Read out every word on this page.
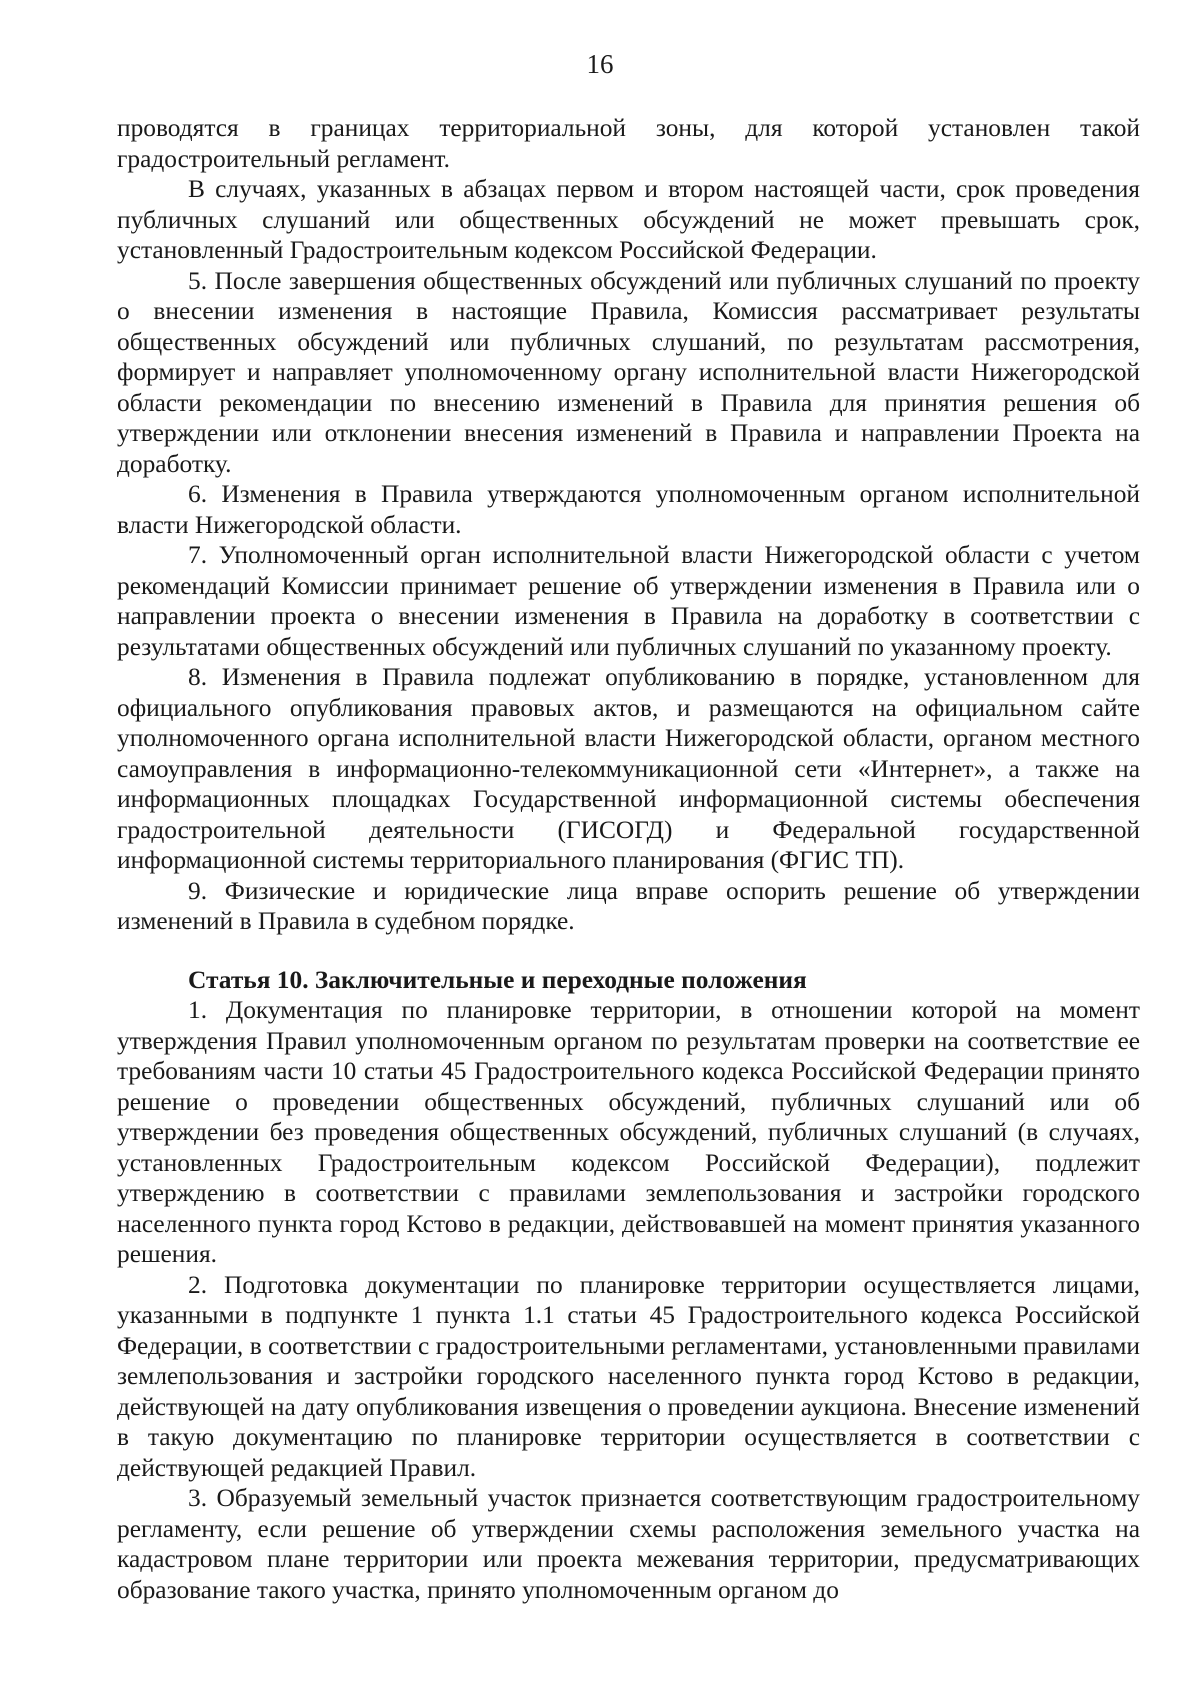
16

проводятся в границах территориальной зоны, для которой установлен такой градостроительный регламент.

В случаях, указанных в абзацах первом и втором настоящей части, срок проведения публичных слушаний или общественных обсуждений не может превышать срок, установленный Градостроительным кодексом Российской Федерации.

5. После завершения общественных обсуждений или публичных слушаний по проекту о внесении изменения в настоящие Правила, Комиссия рассматривает результаты общественных обсуждений или публичных слушаний, по результатам рассмотрения, формирует и направляет уполномоченному органу исполнительной власти Нижегородской области рекомендации по внесению изменений в Правила для принятия решения об утверждении или отклонении внесения изменений в Правила и направлении Проекта на доработку.

6. Изменения в Правила утверждаются уполномоченным органом исполнительной власти Нижегородской области.

7. Уполномоченный орган исполнительной власти Нижегородской области с учетом рекомендаций Комиссии принимает решение об утверждении изменения в Правила или о направлении проекта о внесении изменения в Правила на доработку в соответствии с результатами общественных обсуждений или публичных слушаний по указанному проекту.

8. Изменения в Правила подлежат опубликованию в порядке, установленном для официального опубликования правовых актов, и размещаются на официальном сайте уполномоченного органа исполнительной власти Нижегородской области, органом местного самоуправления в информационно-телекоммуникационной сети «Интернет», а также на информационных площадках Государственной информационной системы обеспечения градостроительной деятельности (ГИСОГД) и Федеральной государственной информационной системы территориального планирования (ФГИС ТП).

9. Физические и юридические лица вправе оспорить решение об утверждении изменений в Правила в судебном порядке.

Статья 10. Заключительные и переходные положения

1. Документация по планировке территории, в отношении которой на момент утверждения Правил уполномоченным органом по результатам проверки на соответствие ее требованиям части 10 статьи 45 Градостроительного кодекса Российской Федерации принято решение о проведении общественных обсуждений, публичных слушаний или об утверждении без проведения общественных обсуждений, публичных слушаний (в случаях, установленных Градостроительным кодексом Российской Федерации), подлежит утверждению в соответствии с правилами землепользования и застройки городского населенного пункта город Кстово в редакции, действовавшей на момент принятия указанного решения.

2. Подготовка документации по планировке территории осуществляется лицами, указанными в подпункте 1 пункта 1.1 статьи 45 Градостроительного кодекса Российской Федерации, в соответствии с градостроительными регламентами, установленными правилами землепользования и застройки городского населенного пункта город Кстово в редакции, действующей на дату опубликования извещения о проведении аукциона. Внесение изменений в такую документацию по планировке территории осуществляется в соответствии с действующей редакцией Правил.

3. Образуемый земельный участок признается соответствующим градостроительному регламенту, если решение об утверждении схемы расположения земельного участка на кадастровом плане территории или проекта межевания территории, предусматривающих образование такого участка, принято уполномоченным органом до
